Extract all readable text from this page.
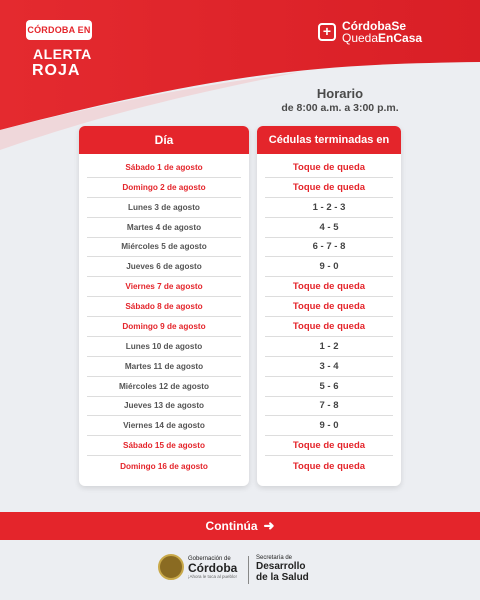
CÓRDOBA EN
ALERTA
ROJA
+ CórdobaSe
QuedaEnCasa
Horario
de 8:00 a.m. a 3:00 p.m.
Día
Sábado 1 de agosto
Domingo 2 de agosto
Lunes 3 de agosto
Martes 4 de agosto
Miércoles 5 de agosto
Jueves 6 de agosto
Viernes 7 de agosto
Sábado 8 de agosto
Domingo 9 de agosto
Lunes 10 de agosto
Martes 11 de agosto
Miércoles 12 de agosto
Jueves 13 de agosto
Viernes 14 de agosto
Sábado 15 de agosto
Domingo 16 de agosto
Cédulas terminadas en
Toque de queda
Toque de queda
1 - 2 - 3
4 - 5
6 - 7 - 8
9 - 0
Toque de queda
Toque de queda
Toque de queda
1 - 2
3 - 4
5 - 6
7 - 8
9 - 0
Toque de queda
Toque de queda
Continúa ➜
Gobernación de
Córdoba
¡Ahora le toca al pueblo!
Secretaría de
Desarrollo
de la Salud
